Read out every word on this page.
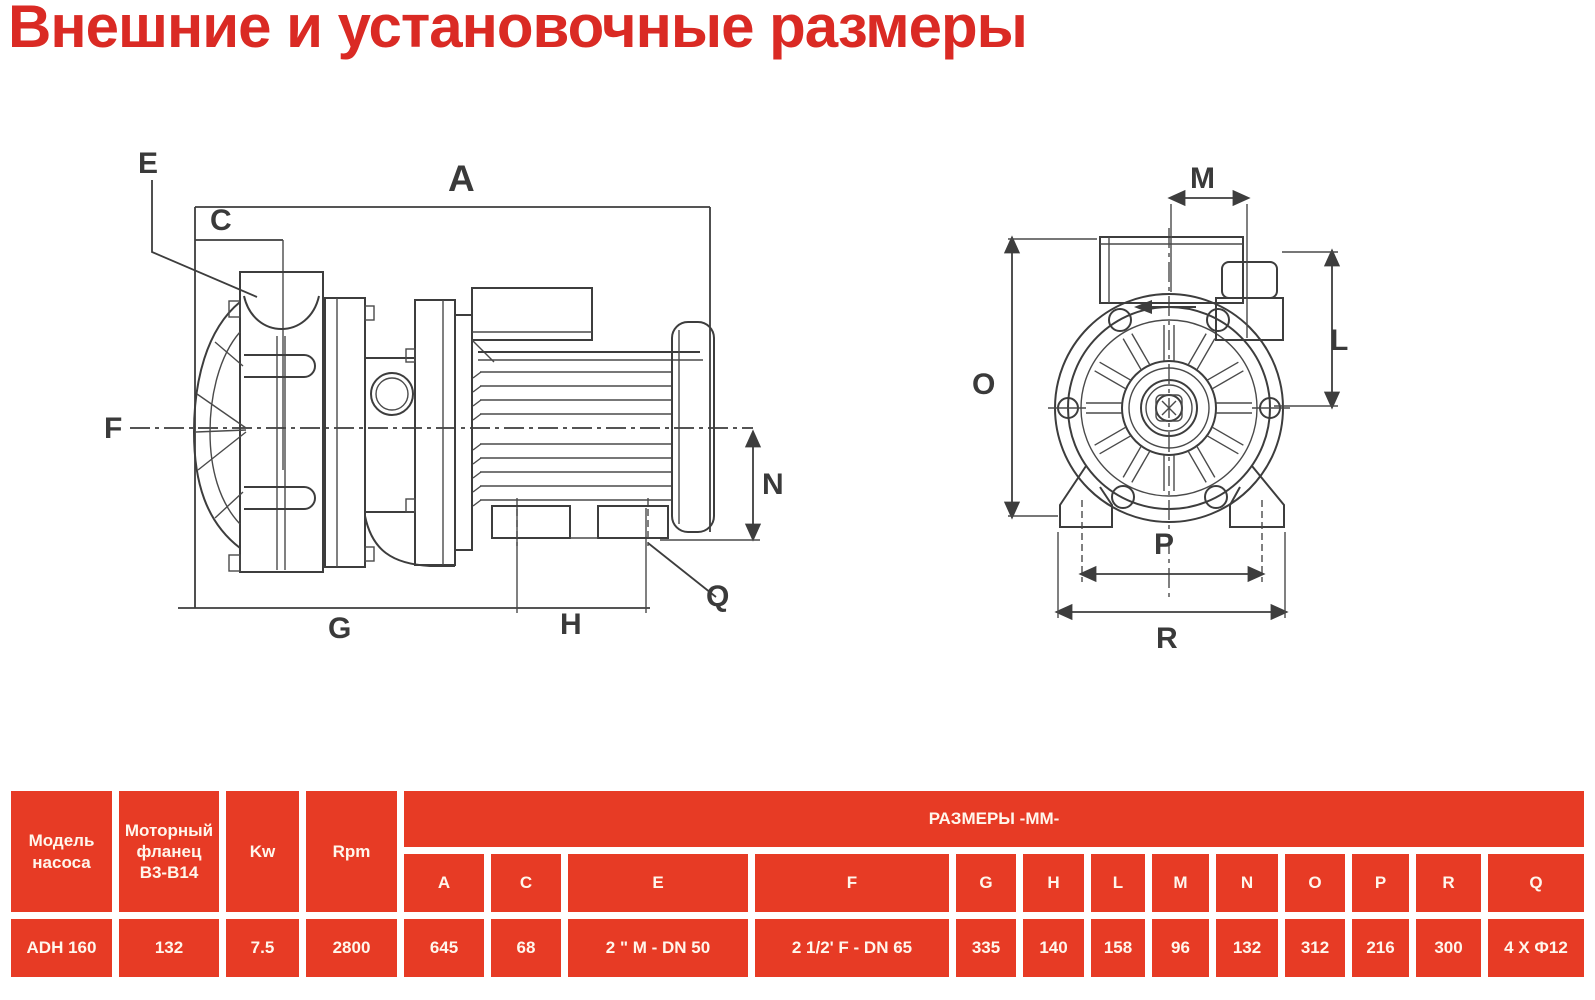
Внешние и установочные размеры
E	A
C
F
N
G	H
Q
M
O
L
P
R
Модель насоса	Моторный фланец В3-В14	Kw	Rpm	РАЗМЕРЫ -ММ-												
				A	C	E	F	G	H	L	M	N	O	P	R	Q
ADH 160	132	7.5	2800	645	68	2 " M - DN 50	2 1/2' F - DN 65	335	140	158	96	132	312	216	300	4 X Ф12
